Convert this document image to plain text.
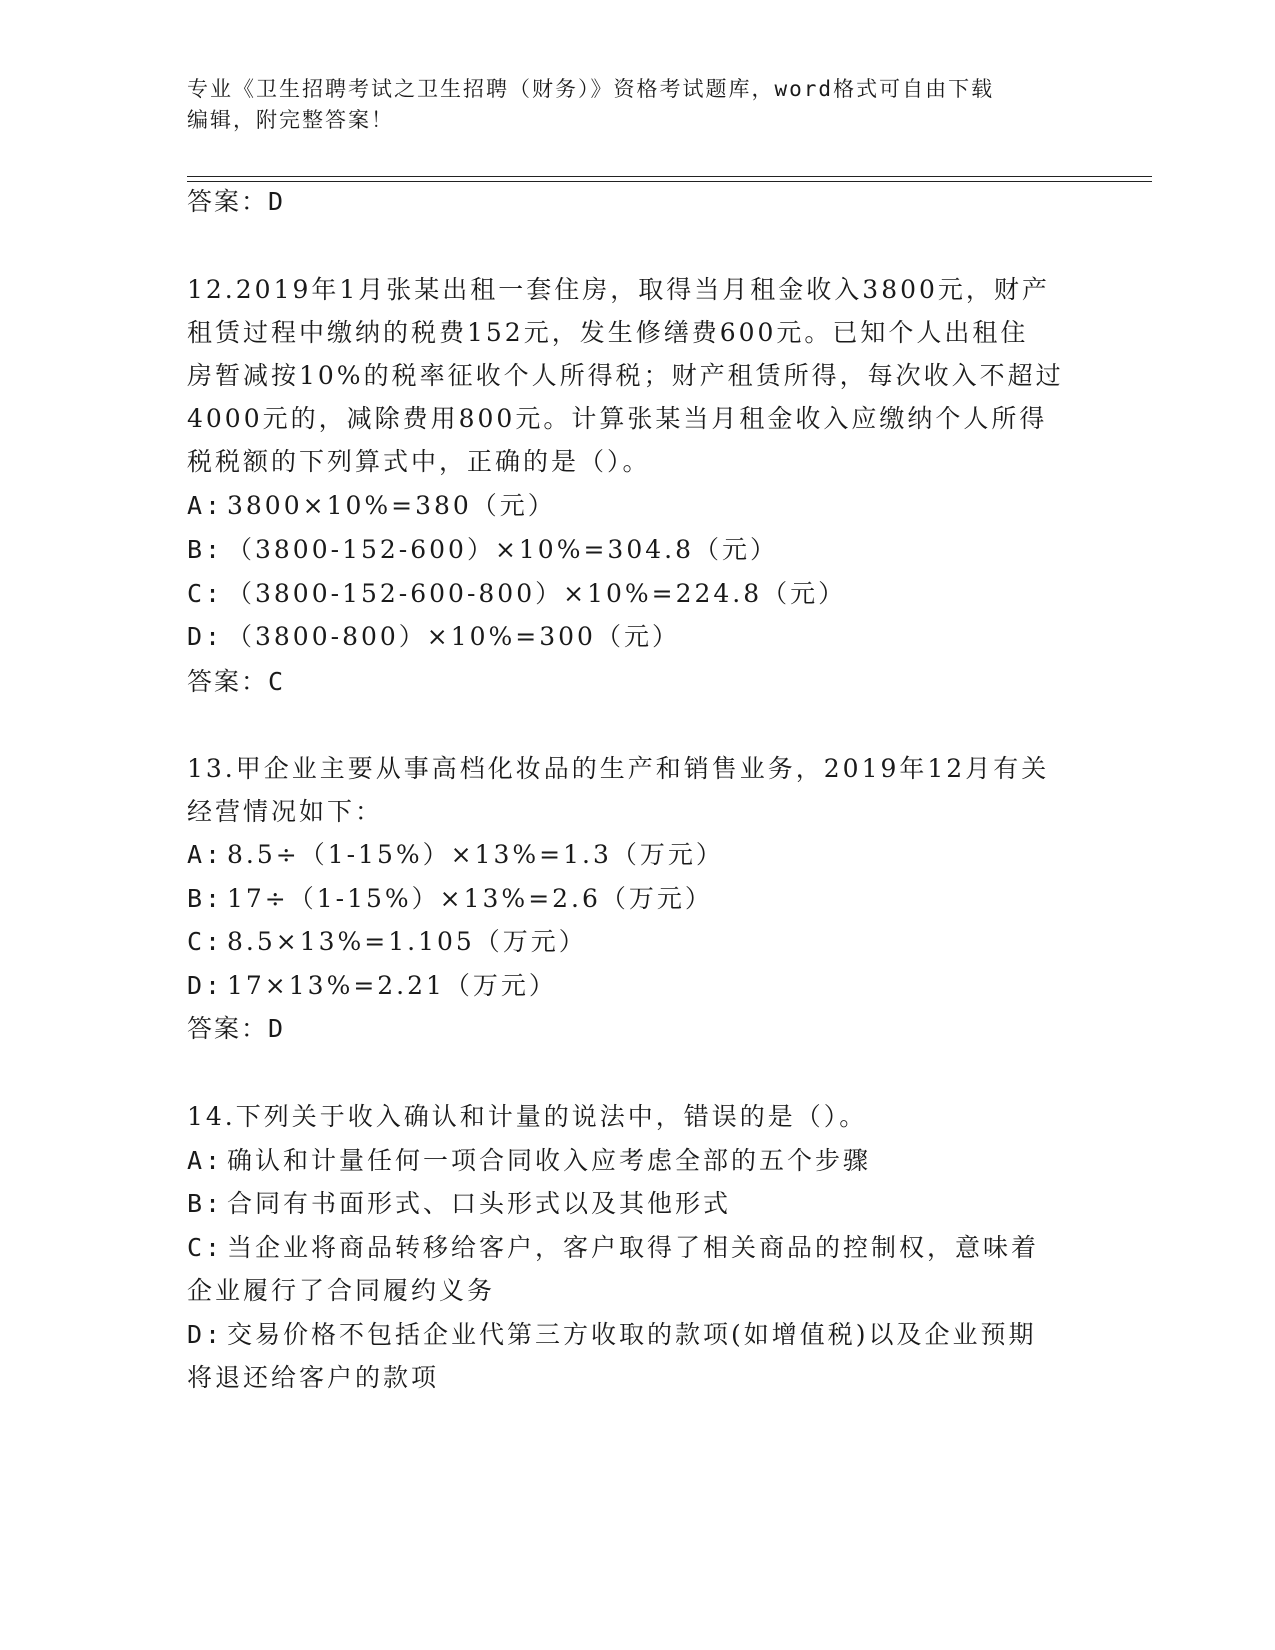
专业《卫生招聘考试之卫生招聘（财务）》资格考试题库，word格式可自由下载
编辑，附完整答案！
答案：D
12.2019年1月张某出租一套住房，取得当月租金收入3800元，财产
租赁过程中缴纳的税费152元，发生修缮费600元。已知个人出租住
房暂减按10%的税率征收个人所得税；财产租赁所得，每次收入不超过
4000元的，减除费用800元。计算张某当月租金收入应缴纳个人所得
税税额的下列算式中，正确的是（）。
A: 3800×10%=380（元）
B: （3800-152-600）×10%=304.8（元）
C: （3800-152-600-800）×10%=224.8（元）
D: （3800-800）×10%=300（元）
答案：C
13.甲企业主要从事高档化妆品的生产和销售业务，2019年12月有关
经营情况如下：
A: 8.5÷（1-15%）×13%=1.3（万元）
B: 17÷（1-15%）×13%=2.6（万元）
C: 8.5×13%=1.105（万元）
D: 17×13%=2.21（万元）
答案：D
14.下列关于收入确认和计量的说法中，错误的是（）。
A: 确认和计量任何一项合同收入应考虑全部的五个步骤
B: 合同有书面形式、口头形式以及其他形式
C: 当企业将商品转移给客户，客户取得了相关商品的控制权，意味着
企业履行了合同履约义务
D: 交易价格不包括企业代第三方收取的款项(如增值税)以及企业预期
将退还给客户的款项
